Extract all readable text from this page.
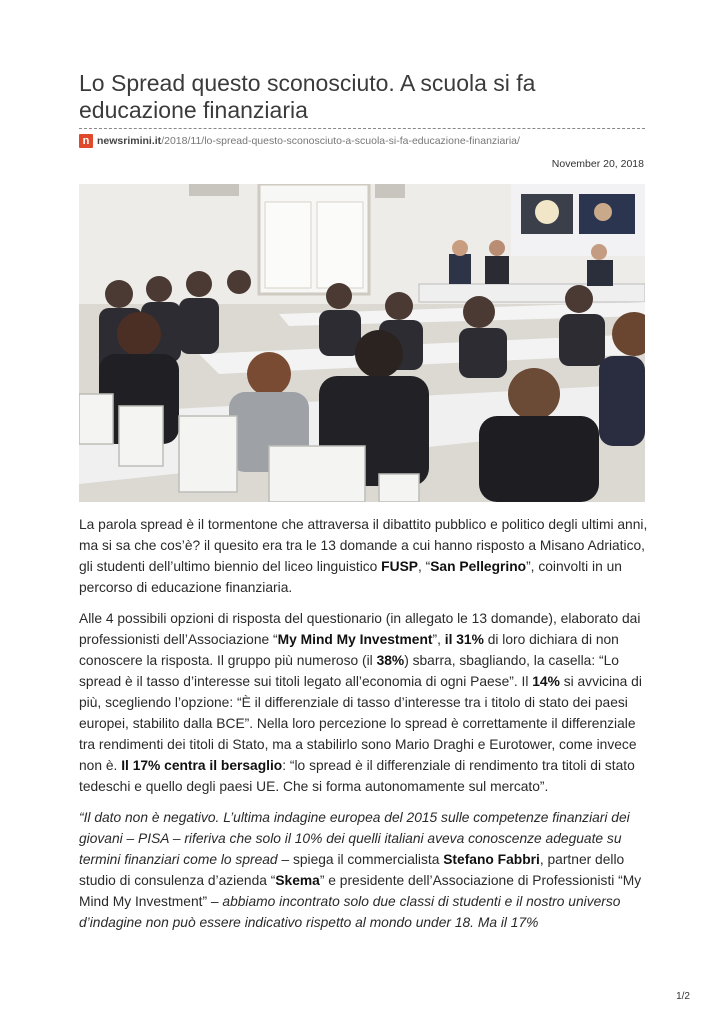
Lo Spread questo sconosciuto. A scuola si fa educazione finanziaria
n newsrimini.it /2018/11/lo-spread-questo-sconosciuto-a-scuola-si-fa-educazione-finanziaria/
November 20, 2018

La parola spread è il tormentone che attraversa il dibattito pubblico e politico degli ultimi anni, ma si sa che cos’è? il quesito era tra le 13 domande a cui hanno risposto a Misano Adriatico, gli studenti dell’ultimo biennio del liceo linguistico FUSP, “San Pellegrino”, coinvolti in un percorso di educazione finanziaria.

Alle 4 possibili opzioni di risposta del questionario (in allegato le 13 domande), elaborato dai professionisti dell’Associazione “My Mind My Investment”, il 31% di loro dichiara di non conoscere la risposta. Il gruppo più numeroso (il 38%) sbarra, sbagliando, la casella: “Lo spread è il tasso d’interesse sui titoli legato all’economia di ogni Paese”. Il 14% si avvicina di più, scegliendo l’opzione: “È il differenziale di tasso d’interesse tra i titolo di stato dei paesi europei, stabilito dalla BCE”. Nella loro percezione lo spread è correttamente il differenziale tra rendimenti dei titoli di Stato, ma a stabilirlo sono Mario Draghi e Eurotower, come invece non è. Il 17% centra il bersaglio: “lo spread è il differenziale di rendimento tra titoli di stato tedeschi e quello degli paesi UE. Che si forma autonomamente sul mercato”.

“Il dato non è negativo. L’ultima indagine europea del 2015 sulle competenze finanziari dei giovani – PISA – riferiva che solo il 10% dei quelli italiani aveva conoscenze adeguate su termini finanziari come lo spread – spiega il commercialista Stefano Fabbri, partner dello studio di consulenza d’azienda “Skema” e presidente dell’Associazione di Professionisti “My Mind My Investment” – abbiamo incontrato solo due classi di studenti e il nostro universo d’indagine non può essere indicativo rispetto al mondo under 18. Ma il 17%

1/2
